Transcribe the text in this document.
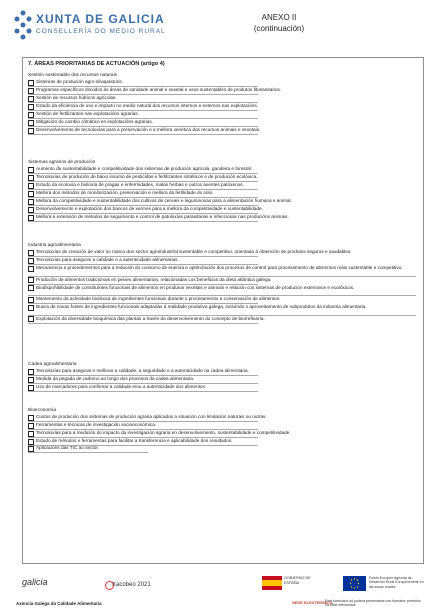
XUNTA DE GALICIA
CONSELLERÍA DO MEDIO RURAL
ANEXO II
(continuación)
7. ÁREAS PRIORITARIAS DE ACTUACIÓN (artigo 4)
Xestión sustentable dos recursos naturais
Sistemas de produción agro-silvopastoris.
Programas específicos dirixidos ás áreas de sanidade animal e vexetal e usos sustentables de produtos fitosanitarios.
Xestión de recursos hídricos agrícolas.
Estudo da eficiencia de uso e impacto no medio natural dos recursos internos e externos nas explotacións.
Xestión de fertilizantes nas explotacións agrarias.
Mitigación do cambio climático en explotacións agrarias.
Desenvolvemento de tecnoloxías para a preservación e a mellora xenética dos recursos animais e vexetais.
Sistemas agrarios de produción
Aumento da sustentabilidade e competitividade dos sistemas de produción agrícola, gandeira e forestal.
Tecnoloxías de produción de baixo insumo de pesticidas e fertilizantes sintéticos e de produción ecolóxica.
Estudo da ecoloxía e bioloxía de pragas e enfermidades, malas herbas e outros axentes patóxenos.
Mellora dos métodos de monitorización, preservación e mellora da fertilidade do solo.
Mellora da competitividade e sustentabilidade dos cultivos de cereais e leguminosas para a alimentación humana e animal.
Desenvolvemento e explotación dos bancos de xermes para a mellora da competitividade e sustentabilidade.
Mellora e extensión de métodos de seguimento e control de patoloxías parasitarias e infecciosas nas producións animais.
Industria agroalimentaria
Tecnoloxías de creación de valor no marco dun sector agroindustrial sustentable e competitivo, orientado á obtención de produtos seguros e saudables.
Tecnoloxías para asegurar a calidade e a autenticidade alimentarias.
Mecanismos e procedementos para a redución do consumo de enerxía e optimización dos procesos de control para procesamento de alimentos máis sustentable e competitivo.
Produción de alimentos tradicionais en peixes alimentarias, relacionadas cos beneficios da dieta atlántica galega.
Biodispoñibilidade de constituíntes funcionais de alimentos en produtos vexetais e animais e relación cos sistemas de produción extensivos e ecolóxicos.
Mantemento da actividade biolóxica de ingredientes funcionais durante o procesamento e conservación de alimentos.
Busca de novas fontes de ingredientes funcionais adaptadas á realidade produtiva galega, incluíndo o aproveitamento de subprodutos da industria alimentaria.
Explotación da diversidade bioquímica das plantas a través do desenvolvemento do concepto de biorrefinaría.
Cadea agroalimentaria
Tecnoloxías para asegurar e mellorar a calidade, a seguridade e a autenticidade na cadea alimentaria.
Medida da pegada de carbono ao longo dos procesos da cadea alimentaria.
Uso de marcadores para confirmar a calidade e/ou a autenticidade dos alimentos.
Bioeconomía
Custos de produción dos sistemas de produción agraria aplicados a situación con limitación naturais ou outras.
Ferramentas e técnicas de investigación socioeconómica.
Tecnoloxías para a medición do impacto da investigación agraria en desenvolvemento, sustentabilidade e competitividade.
Estudo de métodos e ferramentas para facilitar a transferencia e aplicabilidade dos resultados.
Aplicacións das TIC ao sector.
galicia	Xacobeo 2021
GOBIERNO DE ESPAÑA
Fondo Europeo Agrícola de Desarrollo Rural Europa invierte en las zonas rurales
Axencia Galega da Calidade Alimentaria	SEDE ELECTRÓNICA
Este formulario só poderá presentarse nos formatos previstos na sede electrónica
